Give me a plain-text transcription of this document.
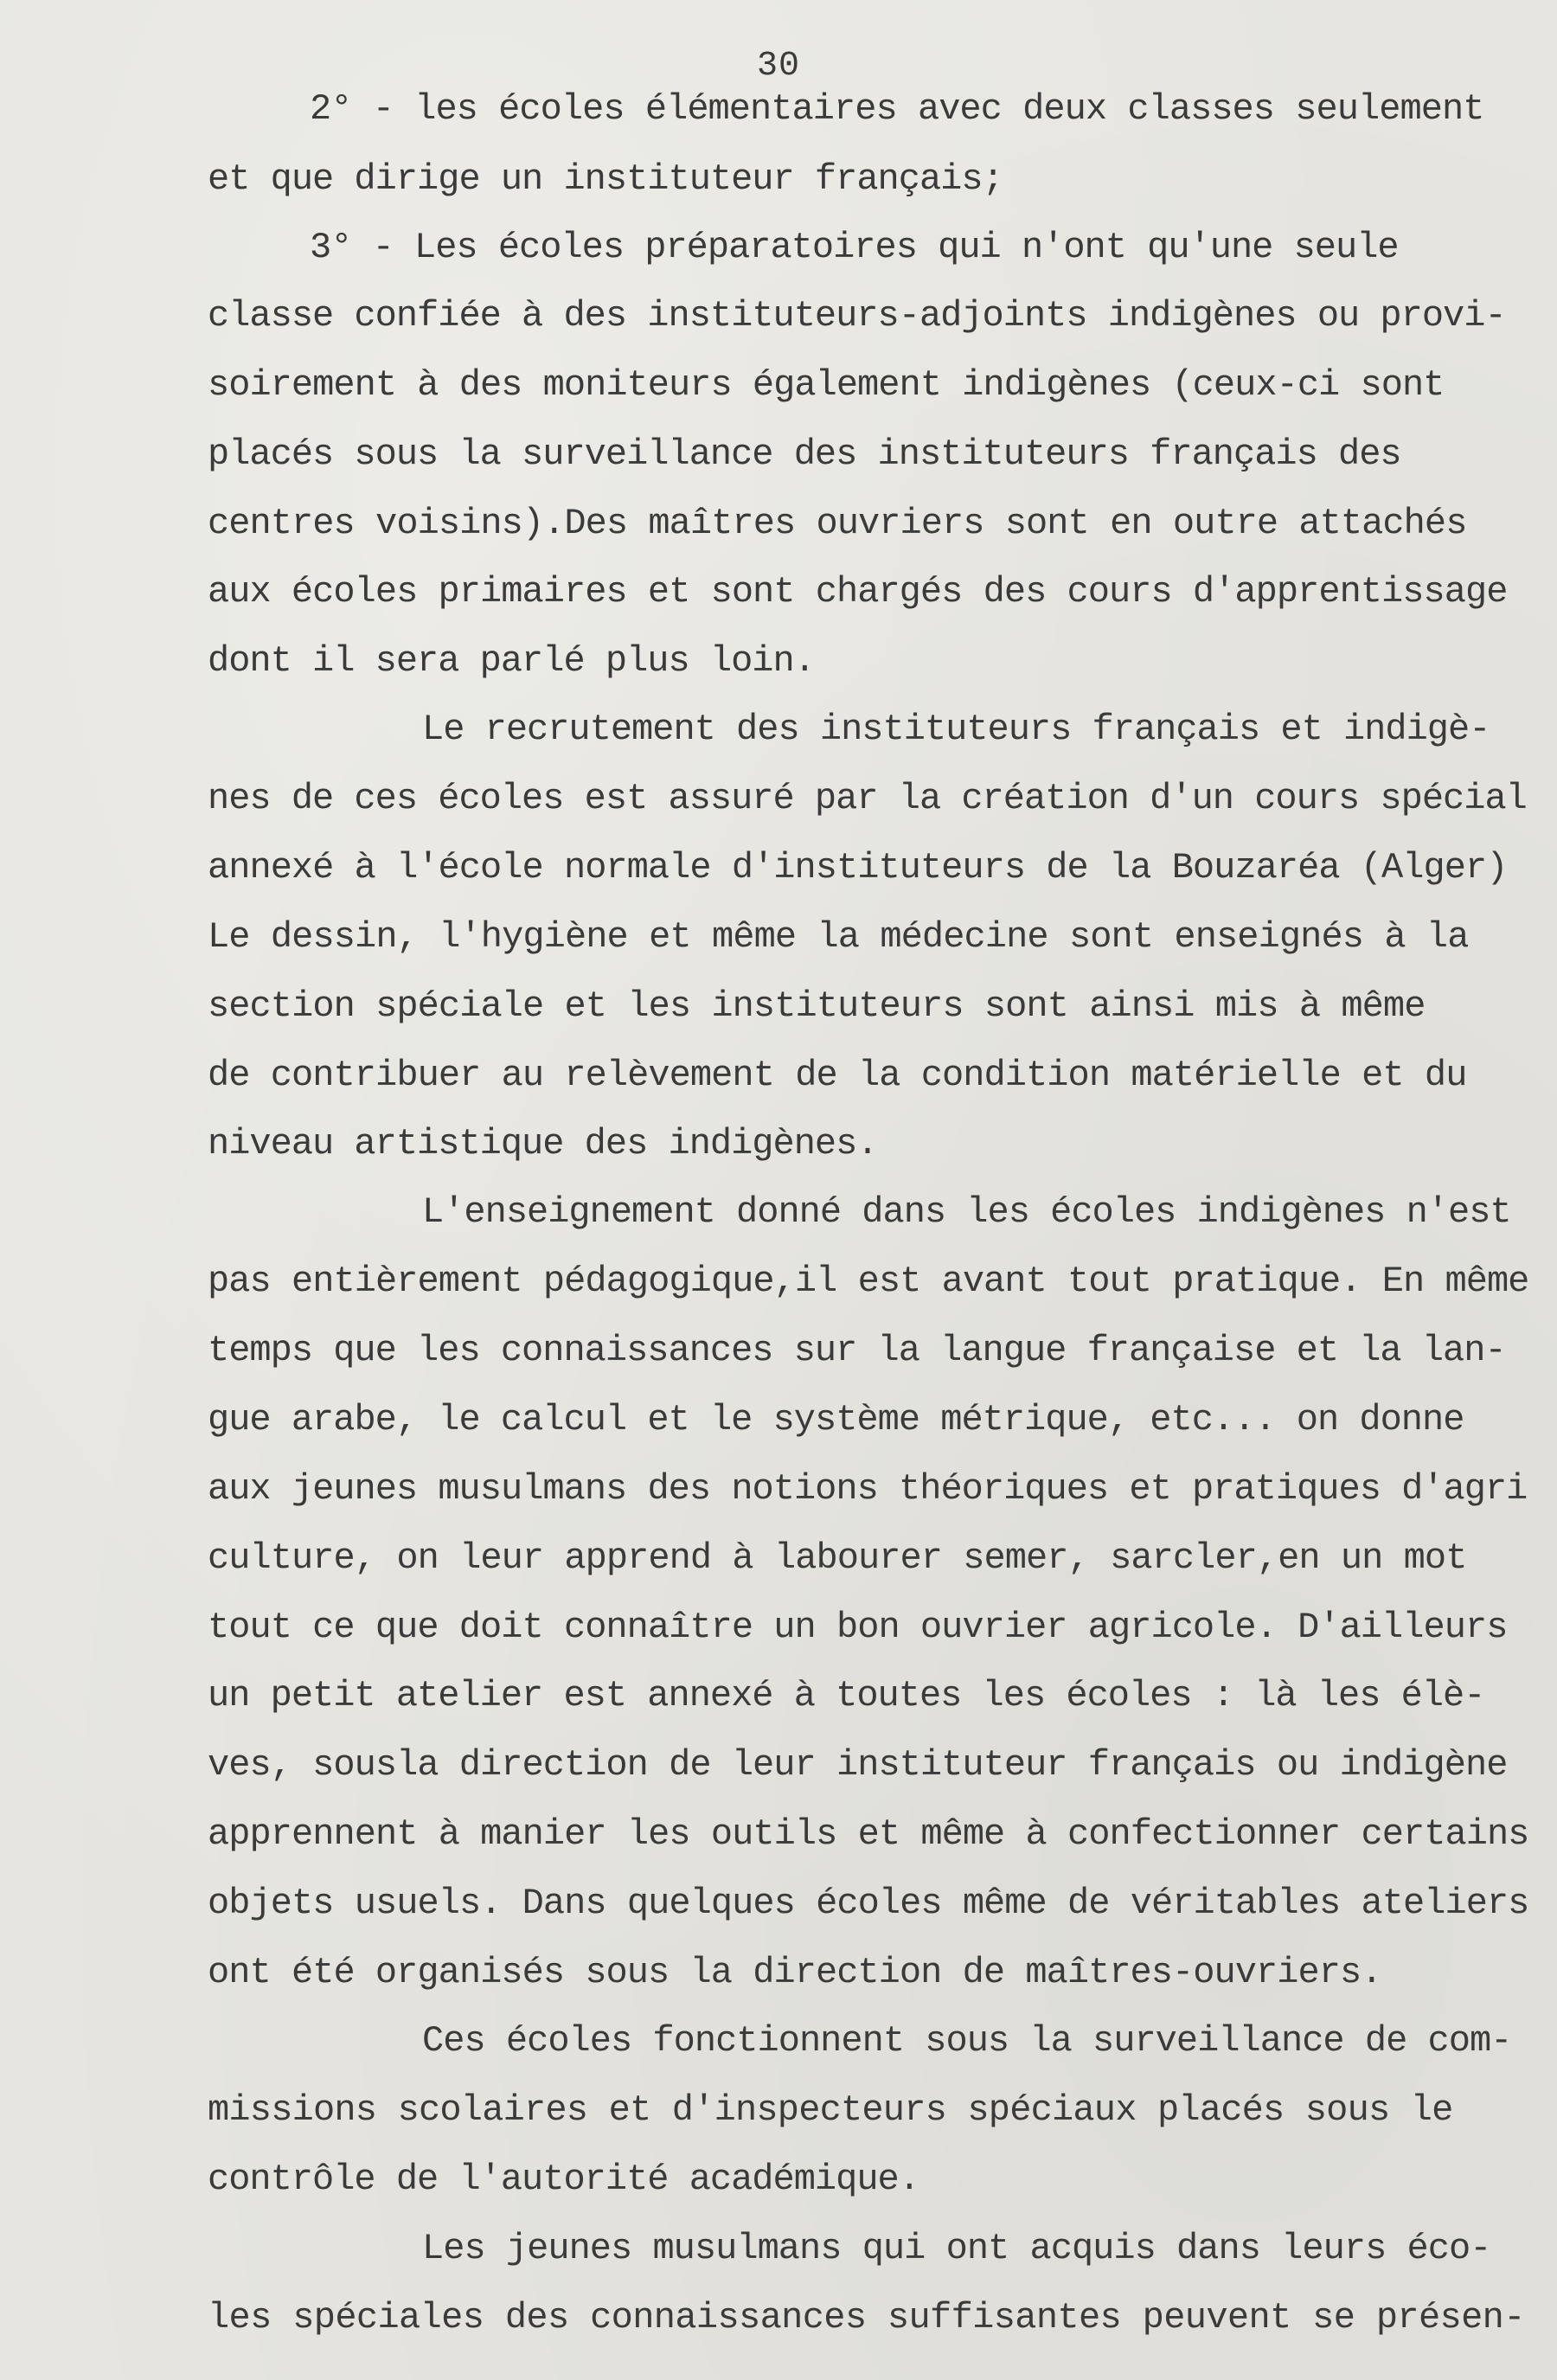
30
2° - les écoles élémentaires avec deux classes seulement
et que dirige un instituteur français;
3° - Les écoles préparatoires qui n'ont qu'une seule
classe confiée à des instituteurs-adjoints indigènes ou provi-
soirement à des moniteurs également indigènes (ceux-ci sont
placés sous la surveillance des instituteurs français des
centres voisins).Des maîtres ouvriers sont en outre attachés
aux écoles primaires et sont chargés des cours d'apprentissage
dont il sera parlé plus loin.
Le recrutement des instituteurs français et indigè-
nes de ces écoles est assuré par la création d'un cours spécial
annexé à l'école normale d'instituteurs de la Bouzaréa (Alger)
Le dessin, l'hygiène et même la médecine sont enseignés à la
section spéciale et les instituteurs sont ainsi mis à même
de contribuer au relèvement de la condition matérielle et du
niveau artistique des indigènes.
L'enseignement donné dans les écoles indigènes n'est
pas entièrement pédagogique,il est avant tout pratique. En même
temps que les connaissances sur la langue française et la lan-
gue arabe, le calcul et le système métrique, etc... on donne
aux jeunes musulmans des notions théoriques et pratiques d'agri
culture, on leur apprend à labourer semer, sarcler,en un mot
tout ce que doit connaître un bon ouvrier agricole. D'ailleurs
un petit atelier est annexé à toutes les écoles : là les élè-
ves, sousla direction de leur instituteur français ou indigène
apprennent à manier les outils et même à confectionner certains
objets usuels. Dans quelques écoles même de véritables ateliers
ont été organisés sous la direction de maîtres-ouvriers.
Ces écoles fonctionnent sous la surveillance de com-
missions scolaires et d'inspecteurs spéciaux placés sous le
contrôle de l'autorité académique.
Les jeunes musulmans qui ont acquis dans leurs éco-
les spéciales des connaissances suffisantes peuvent se présen-
